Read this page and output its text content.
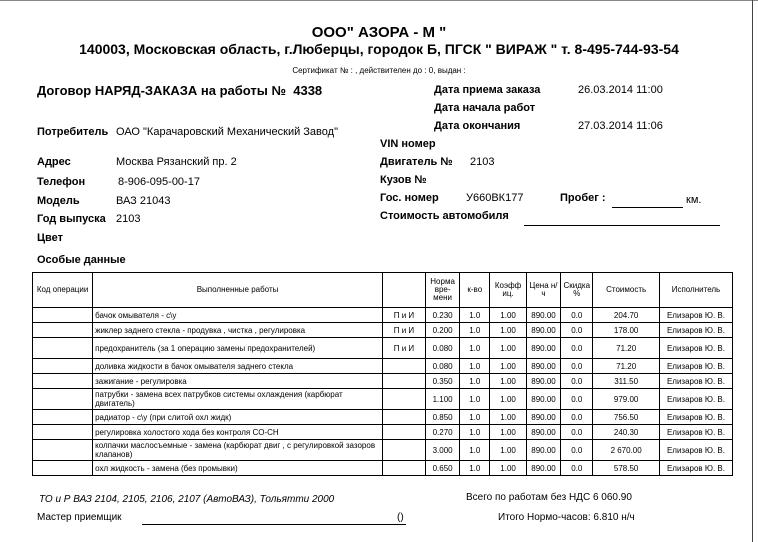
ООО" АЗОРА - М "
140003, Московская область, г.Люберцы, городок Б, ПГСК " ВИРАЖ " т. 8-495-744-93-54
Сертификат № : , действителен до : 0, выдан :
Договор НАРЯД-ЗАКАЗА на работы № 4338	Дата приема заказа	26.03.2014 11:00
Дата начала работ
Дата окончания	27.03.2014 11:06
Потребитель ОАО "Карачаровский Механический Завод"
VIN номер
Адрес	Москва Рязанский пр. 2	Двигатель № 2103
Телефон	8-906-095-00-17	Кузов №
Модель	ВАЗ 21043	Гос. номер У660ВК177	Пробег :	км.
Год выпуска 2103	Стоимость автомобиля
Цвет
Особые данные
Код операции	Выполненные работы		Норма вре-мени	к-во	Коэфф иц.	Цена н/ч	Скидка %	Стоимость	Исполнитель
	бачок омывателя - с\у	П и И	0.230	1.0	1.00	890.00	0.0	204.70	Елизаров Ю. В.
	жиклер заднего стекла - продувка , чистка , регулировка	П и И	0.200	1.0	1.00	890.00	0.0	178.00	Елизаров Ю. В.
	предохранитель (за 1 операцию замены предохранителей)	П и И	0.080	1.0	1.00	890.00	0.0	71.20	Елизаров Ю. В.
	доливка жидкости в бачок омывателя заднего стекла		0.080	1.0	1.00	890.00	0.0	71.20	Елизаров Ю. В.
	зажигание - регулировка		0.350	1.0	1.00	890.00	0.0	311.50	Елизаров Ю. В.
	патрубки - замена всех патрубков системы охлаждения (карбюрат двигатель)		1.100	1.0	1.00	890.00	0.0	979.00	Елизаров Ю. В.
	радиатор - с\у (при слитой охл жидк)		0.850	1.0	1.00	890.00	0.0	756.50	Елизаров Ю. В.
	регулировка холостого хода без контроля CO-CH		0.270	1.0	1.00	890.00	0.0	240.30	Елизаров Ю. В.
	колпачки маслосъемные - замена (карбюрат двиг , с регулировкой зазоров клапанов)		3.000	1.0	1.00	890.00	0.0	2 670.00	Елизаров Ю. В.
	охл жидкость - замена (без промывки)		0.650	1.0	1.00	890.00	0.0	578.50	Елизаров Ю. В.
ТО и Р ВАЗ 2104, 2105, 2106, 2107 (АвтоВАЗ), Тольятти 2000	Всего по работам без НДС 6 060.90
Мастер приемщик	()	Итого Нормо-часов: 6.810 н/ч
